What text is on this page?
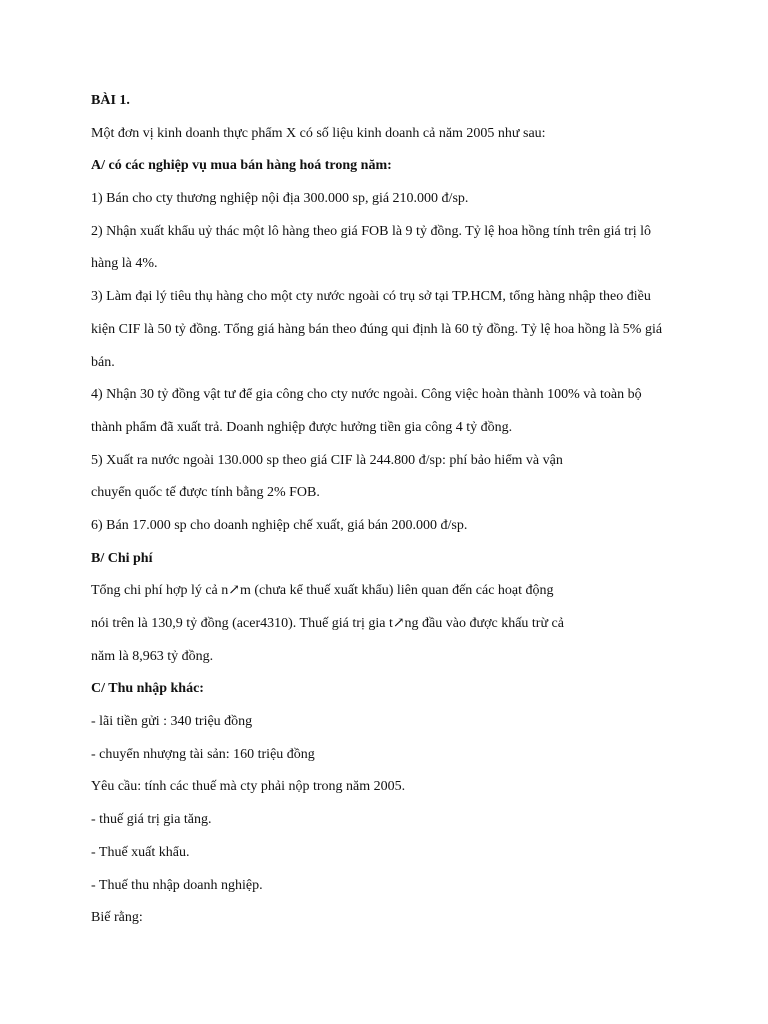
BÀI 1.
Một đơn vị kinh doanh thực phẩm X có số liệu kinh doanh cả năm 2005 như sau:
A/ có các nghiệp vụ mua bán hàng hoá trong năm:
1) Bán cho cty thương nghiệp nội địa 300.000 sp, giá 210.000 đ/sp.
2) Nhận xuất khẩu uỷ thác một lô hàng theo giá FOB là 9 tỷ đồng. Tỷ lệ hoa hồng tính trên giá trị lô
hàng là 4%.
3) Làm đại lý tiêu thụ hàng cho một cty nước ngoài có trụ sở tại TP.HCM, tổng hàng nhập theo điều
kiện CIF là 50 tỷ đồng. Tổng giá hàng bán theo đúng qui định là 60 tỷ đồng. Tỷ lệ hoa hồng là 5% giá
bán.
4) Nhận 30 tỷ đồng vật tư để gia công cho cty nước ngoài. Công việc hoàn thành 100% và toàn bộ
thành phẩm đã xuất trả. Doanh nghiệp được hưởng tiền gia công 4 tỷ đồng.
5) Xuất ra nước ngoài 130.000 sp theo giá CIF là 244.800 đ/sp: phí bảo hiểm và vận
chuyển quốc tế được tính bằng 2% FOB.
6) Bán 17.000 sp cho doanh nghiệp chế xuất, giá bán 200.000 đ/sp.
B/ Chi phí
Tổng chi phí hợp lý cả n↗m (chưa kể thuế xuất khẩu) liên quan đến các hoạt động
nói trên là 130,9 tỷ đồng (acer4310). Thuế giá trị gia t↗ng đầu vào được khấu trừ cả
năm là 8,963 tỷ đồng.
C/ Thu nhập khác:
- lãi tiền gửi : 340 triệu đồng
- chuyển nhượng tài sản: 160 triệu đồng
Yêu cầu: tính các thuế mà cty phải nộp trong năm 2005.
- thuế giá trị gia tăng.
- Thuế xuất khẩu.
- Thuế thu nhập doanh nghiệp.
Biế rằng:
